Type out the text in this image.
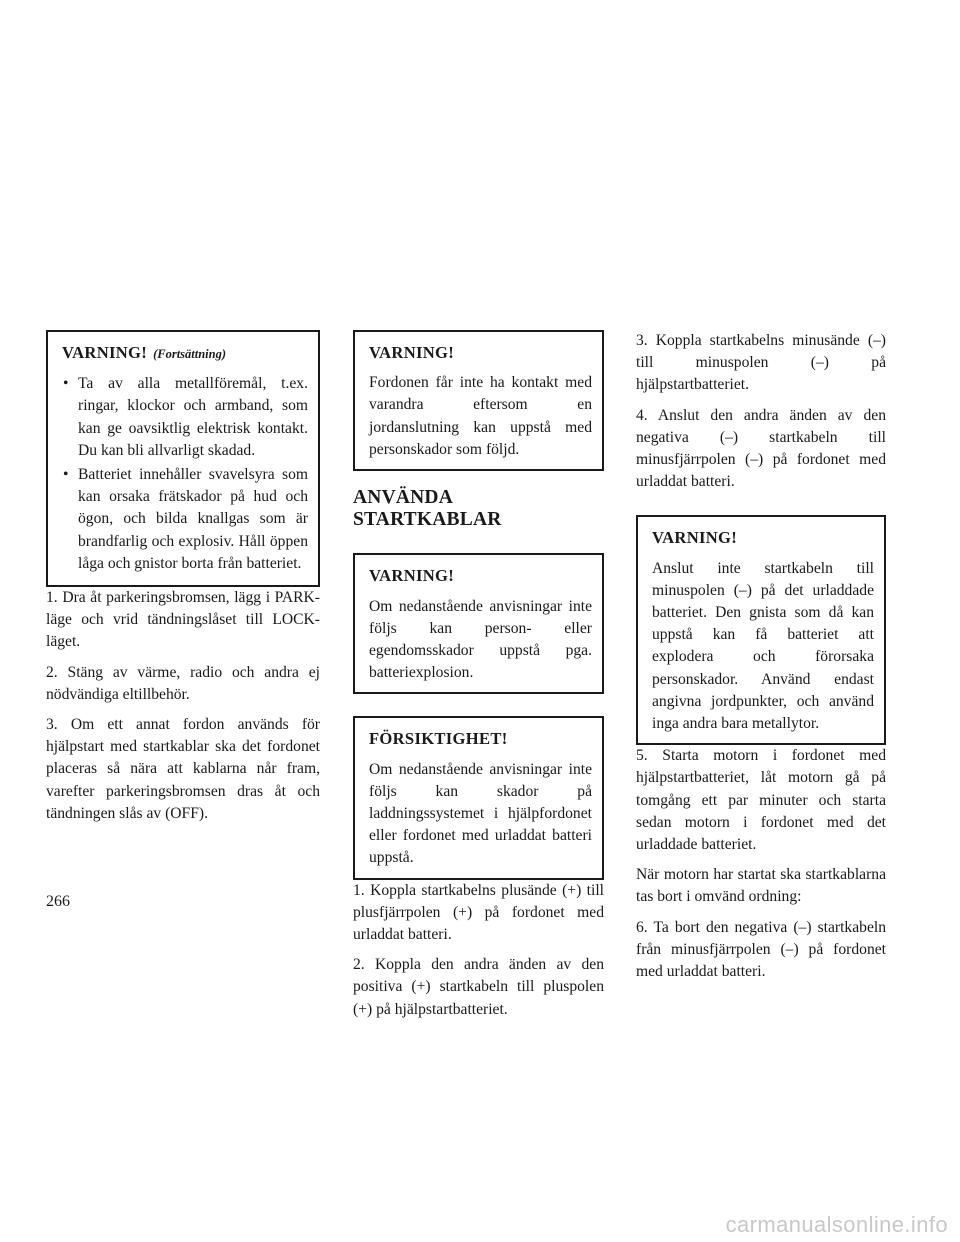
VARNING! (Fortsättning)
• Ta av alla metallföremål, t.ex. ringar, klockor och armband, som kan ge oavsiktlig elektrisk kontakt. Du kan bli allvarligt skadad.
• Batteriet innehåller svavelsyra som kan orsaka frätskador på hud och ögon, och bilda knallgas som är brandfarlig och explosiv. Håll öppen låga och gnistor borta från batteriet.

1. Dra åt parkeringsbromsen, lägg i PARK-läge och vrid tändningslåset till LOCK-läget.

2. Stäng av värme, radio och andra ej nödvändiga eltillbehör.

3. Om ett annat fordon används för hjälpstart med startkablar ska det fordonet placeras så nära att kablarna når fram, varefter parkeringsbromsen dras åt och tändningen slås av (OFF).

VARNING!

Fordonen får inte ha kontakt med varandra eftersom en jordanslutning kan uppstå med personskador som följd.

ANVÄNDA STARTKABLAR
VARNING!

Om nedanstående anvisningar inte följs kan person- eller egendomsskador uppstå pga. batteriexplosion.

FÖRSIKTIGHET!

Om nedanstående anvisningar inte följs kan skador på laddningssystemet i hjälpfordonet eller fordonet med urladdat batteri uppstå.

1. Koppla startkabelns plusände (+) till plusfjärrpolen (+) på fordonet med urladdat batteri.

2. Koppla den andra änden av den positiva (+) startkabeln till pluspolen (+) på hjälpstartbatteriet.

3. Koppla startkabelns minusände (–) till minuspolen (–) på hjälpstartbatteriet.

4. Anslut den andra änden av den negativa (–) startkabeln till minusfjärrpolen (–) på fordonet med urladdat batteri.

VARNING!

Anslut inte startkabeln till minuspolen (–) på det urladdade batteriet. Den gnista som då kan uppstå kan få batteriet att explodera och förorsaka personskador. Använd endast angivna jordpunkter, och använd inga andra bara metallytor.

5. Starta motorn i fordonet med hjälpstartbatteriet, låt motorn gå på tomgång ett par minuter och starta sedan motorn i fordonet med det urladdade batteriet.

När motorn har startat ska startkablarna tas bort i omvänd ordning:

6. Ta bort den negativa (–) startkabeln från minusfjärrpolen (–) på fordonet med urladdat batteri.

266
carmanualsonline.info
